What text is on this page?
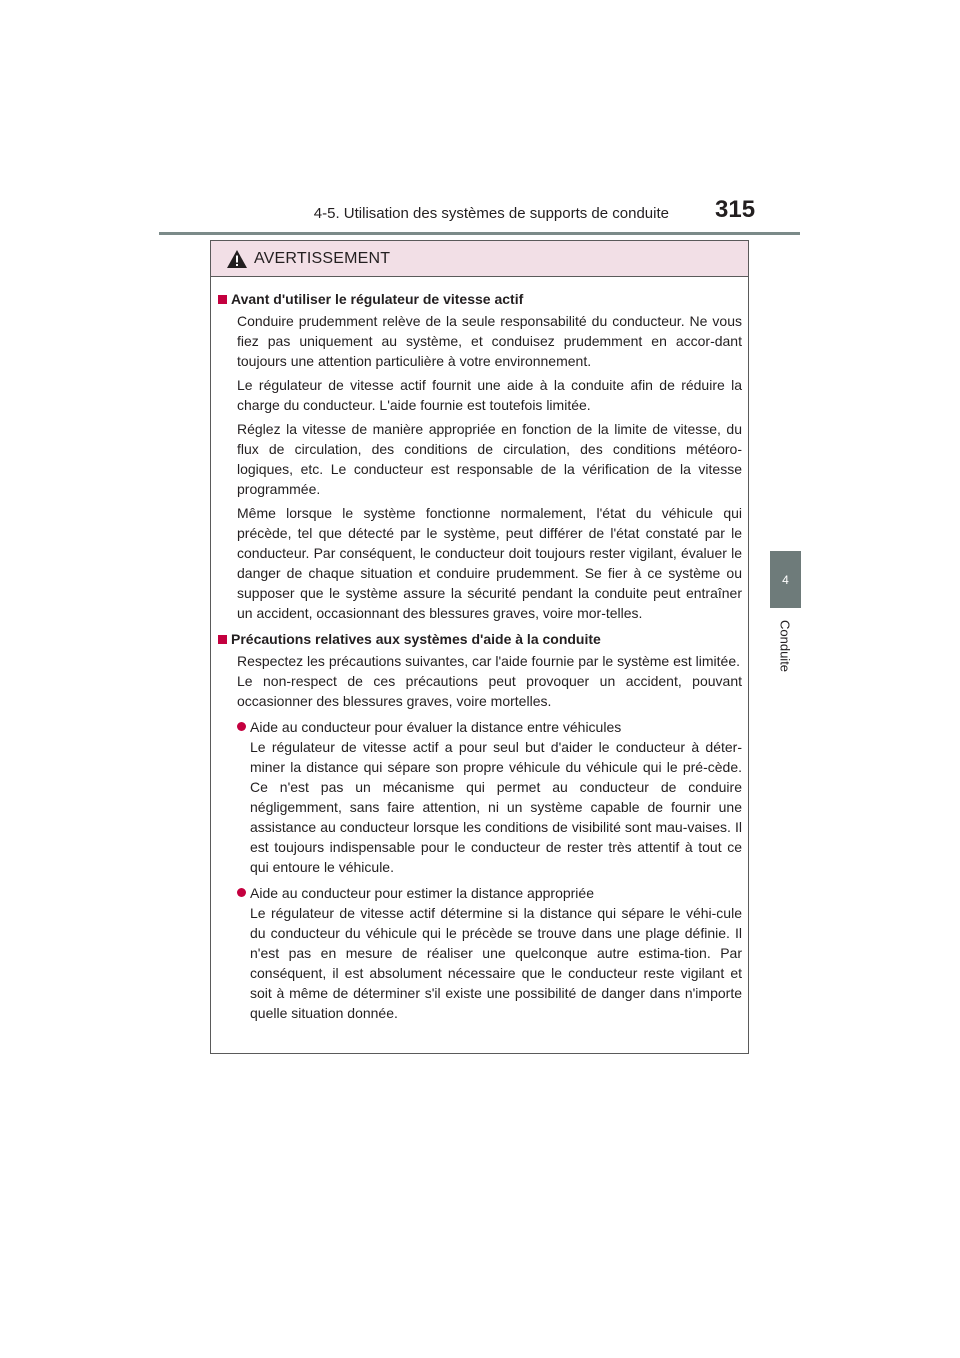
4-5. Utilisation des systèmes de supports de conduite 315
4
Conduite
AVERTISSEMENT
Avant d'utiliser le régulateur de vitesse actif

Conduire prudemment relève de la seule responsabilité du conducteur. Ne vous fiez pas uniquement au système, et conduisez prudemment en accor-dant toujours une attention particulière à votre environnement.

Le régulateur de vitesse actif fournit une aide à la conduite afin de réduire la charge du conducteur. L'aide fournie est toutefois limitée.

Réglez la vitesse de manière appropriée en fonction de la limite de vitesse, du flux de circulation, des conditions de circulation, des conditions météoro-logiques, etc. Le conducteur est responsable de la vérification de la vitesse programmée.

Même lorsque le système fonctionne normalement, l'état du véhicule qui précède, tel que détecté par le système, peut différer de l'état constaté par le conducteur. Par conséquent, le conducteur doit toujours rester vigilant, évaluer le danger de chaque situation et conduire prudemment. Se fier à ce système ou supposer que le système assure la sécurité pendant la conduite peut entraîner un accident, occasionnant des blessures graves, voire mor-telles.

Précautions relatives aux systèmes d'aide à la conduite

Respectez les précautions suivantes, car l'aide fournie par le système est limitée.

Le non-respect de ces précautions peut provoquer un accident, pouvant occasionner des blessures graves, voire mortelles.

Aide au conducteur pour évaluer la distance entre véhicules
Le régulateur de vitesse actif a pour seul but d'aider le conducteur à déter-miner la distance qui sépare son propre véhicule du véhicule qui le pré-cède. Ce n'est pas un mécanisme qui permet au conducteur de conduire négligemment, sans faire attention, ni un système capable de fournir une assistance au conducteur lorsque les conditions de visibilité sont mau-vaises. Il est toujours indispensable pour le conducteur de rester très attentif à tout ce qui entoure le véhicule.
Aide au conducteur pour estimer la distance appropriée
Le régulateur de vitesse actif détermine si la distance qui sépare le véhi-cule du conducteur du véhicule qui le précède se trouve dans une plage définie. Il n'est pas en mesure de réaliser une quelconque autre estima-tion. Par conséquent, il est absolument nécessaire que le conducteur reste vigilant et soit à même de déterminer s'il existe une possibilité de danger dans n'importe quelle situation donnée.
